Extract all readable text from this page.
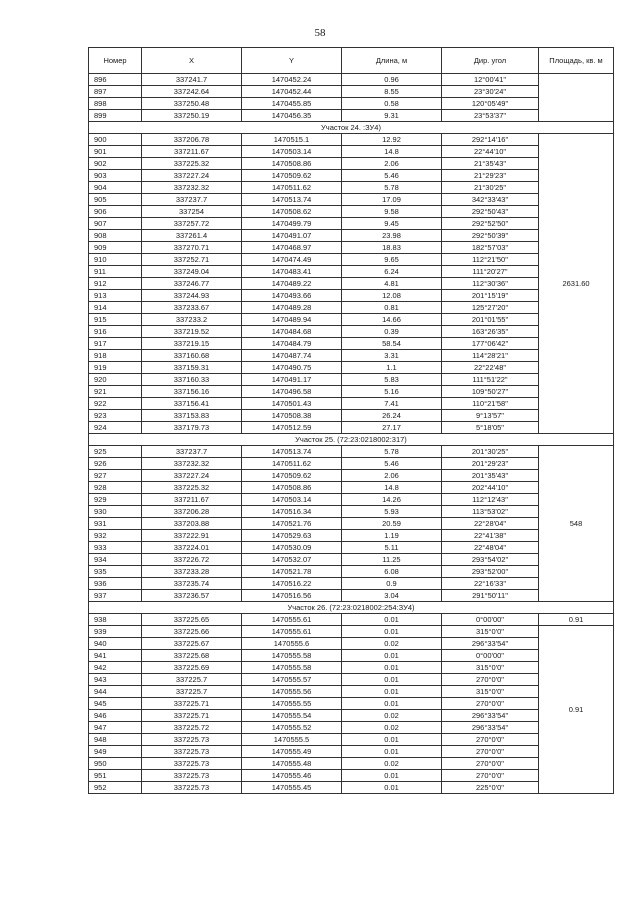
58
Номер	X	Y	Длина, м	Дир. угол	Площадь, кв. м
896	337241.7	1470452.24	0.96	12°00'41"	
897	337242.64	1470452.44	8.55	23°30'24"	
898	337250.48	1470455.85	0.58	120°05'49"	
899	337250.19	1470456.35	9.31	23°53'37"	
Участок 24. :ЗУ4)					
900	337206.78	1470515.1	12.92	292°14'16"	2631.60
901	337211.67	1470503.14	14.8	22°44'10"	
902	337225.32	1470508.86	2.06	21°35'43"	
903	337227.24	1470509.62	5.46	21°29'23"	
904	337232.32	1470511.62	5.78	21°30'25"	
905	337237.7	1470513.74	17.09	342°33'43"	
906	337254	1470508.62	9.58	292°50'43"	
907	337257.72	1470499.79	9.45	292°52'50"	
908	337261.4	1470491.07	23.98	292°50'39"	
909	337270.71	1470468.97	18.83	182°57'03"	
910	337252.71	1470474.49	9.65	112°21'50"	
911	337249.04	1470483.41	6.24	111°20'27"	
912	337246.77	1470489.22	4.81	112°30'36"	
913	337244.93	1470493.66	12.08	201°15'19"	
914	337233.67	1470489.28	0.81	125°27'20"	
915	337233.2	1470489.94	14.66	201°01'55"	
916	337219.52	1470484.68	0.39	163°26'35"	
917	337219.15	1470484.79	58.54	177°06'42"	
918	337160.68	1470487.74	3.31	114°28'21"	
919	337159.31	1470490.75	1.1	22°22'48"	
920	337160.33	1470491.17	5.83	111°51'22"	
921	337156.16	1470496.58	5.16	109°50'27"	
922	337156.41	1470501.43	7.41	110°21'58"	
923	337153.83	1470508.38	26.24	9°13'57"	
924	337179.73	1470512.59	27.17	5°18'05"	
Участок 25. (72:23:0218002:317)					
925	337237.7	1470513.74	5.78	201°30'25"	548
926	337232.32	1470511.62	5.46	201°29'23"	
927	337227.24	1470509.62	2.06	201°35'43"	
928	337225.32	1470508.86	14.8	202°44'10"	
929	337211.67	1470503.14	14.26	112°12'43"	
930	337206.28	1470516.34	5.93	113°53'02"	
931	337203.88	1470521.76	20.59	22°28'04"	
932	337222.91	1470529.63	1.19	22°41'38"	
933	337224.01	1470530.09	5.11	22°48'04"	
934	337226.72	1470532.07	11.25	293°54'02"	
935	337233.28	1470521.78	6.08	293°52'00"	
936	337235.74	1470516.22	0.9	22°16'33"	
937	337236.57	1470516.56	3.04	291°50'11"	
Участок 26. (72:23:0218002:254:ЗУ4)					
938	337225.65	1470555.61	0.01	0°00'00"	0.91
939	337225.66	1470555.61	0.01	315°0'0"	0.91
940	337225.67	1470555.6	0.02	296°33'54"	
941	337225.68	1470555.58	0.01	0°00'00"	
942	337225.69	1470555.58	0.01	315°0'0"	
943	337225.7	1470555.57	0.01	270°0'0"	
944	337225.7	1470555.56	0.01	315°0'0"	
945	337225.71	1470555.55	0.01	270°0'0"	
946	337225.71	1470555.54	0.02	296°33'54"	
947	337225.72	1470555.52	0.02	296°33'54"	
948	337225.73	1470555.5	0.01	270°0'0"	
949	337225.73	1470555.49	0.01	270°0'0"	
950	337225.73	1470555.48	0.02	270°0'0"	
951	337225.73	1470555.46	0.01	270°0'0"	
952	337225.73	1470555.45	0.01	225°0'0"	
